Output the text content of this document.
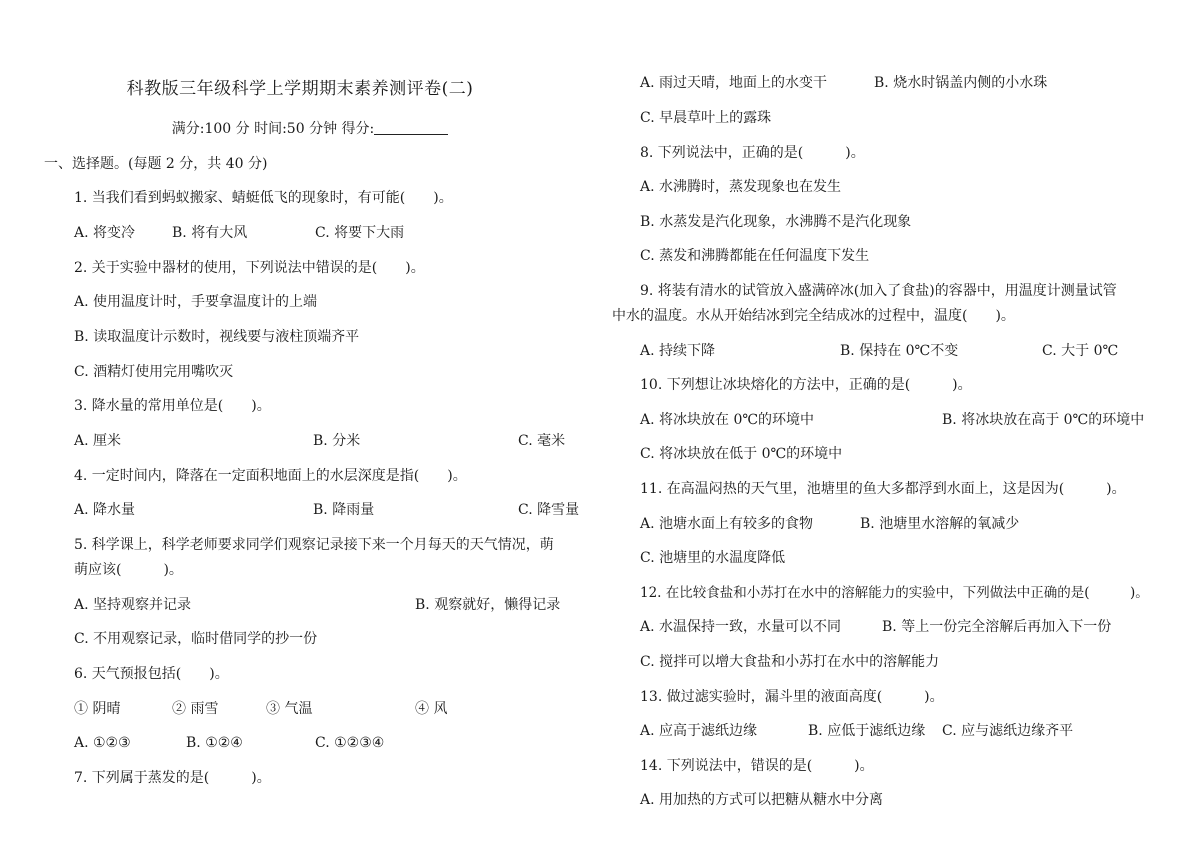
科教版三年级科学上学期期末素养测评卷(二)
满分:100 分 时间:50 分钟 得分:
一、选择题。(每题 2 分，共 40 分)
1. 当我们看到蚂蚁搬家、蜻蜓低飞的现象时，有可能(　　)。
A. 将变冷	B. 将有大风	C. 将要下大雨
2. 关于实验中器材的使用，下列说法中错误的是(　　)。
A. 使用温度计时，手要拿温度计的上端
B. 读取温度计示数时，视线要与液柱顶端齐平
C. 酒精灯使用完用嘴吹灭
3. 降水量的常用单位是(　　)。
A. 厘米	B. 分米	C. 毫米
4. 一定时间内，降落在一定面积地面上的水层深度是指(　　)。
A. 降水量	B. 降雨量	C. 降雪量
5. 科学课上，科学老师要求同学们观察记录接下来一个月每天的天气情况，萌
萌应该(　　　)。
A. 坚持观察并记录	B. 观察就好，懒得记录
C. 不用观察记录，临时借同学的抄一份
6. 天气预报包括(　　)。
① 阴晴	② 雨雪	③ 气温	④ 风
A. ①②③	B. ①②④	C. ①②③④
7. 下列属于蒸发的是(　　　)。
A. 雨过天晴，地面上的水变干	B. 烧水时锅盖内侧的小水珠
C. 早晨草叶上的露珠
8. 下列说法中，正确的是(　　　)。
A. 水沸腾时，蒸发现象也在发生
B. 水蒸发是汽化现象，水沸腾不是汽化现象
C. 蒸发和沸腾都能在任何温度下发生
9. 将装有清水的试管放入盛满碎冰(加入了食盐)的容器中，用温度计测量试管
中水的温度。水从开始结冰到完全结成冰的过程中，温度(　　)。
A. 持续下降	B. 保持在 0℃不变	C. 大于 0℃
10. 下列想让冰块熔化的方法中，正确的是(　　　)。
A. 将冰块放在 0℃的环境中	B. 将冰块放在高于 0℃的环境中
C. 将冰块放在低于 0℃的环境中
11. 在高温闷热的天气里，池塘里的鱼大多都浮到水面上，这是因为(　　　)。
A. 池塘水面上有较多的食物	B. 池塘里水溶解的氧减少
C. 池塘里的水温度降低
12. 在比较食盐和小苏打在水中的溶解能力的实验中，下列做法中正确的是(　　　)。
A. 水温保持一致，水量可以不同	B. 等上一份完全溶解后再加入下一份
C. 搅拌可以增大食盐和小苏打在水中的溶解能力
13. 做过滤实验时，漏斗里的液面高度(　　　)。
A. 应高于滤纸边缘	B. 应低于滤纸边缘 C. 应与滤纸边缘齐平
14. 下列说法中，错误的是(　　　)。
A. 用加热的方式可以把糖从糖水中分离
